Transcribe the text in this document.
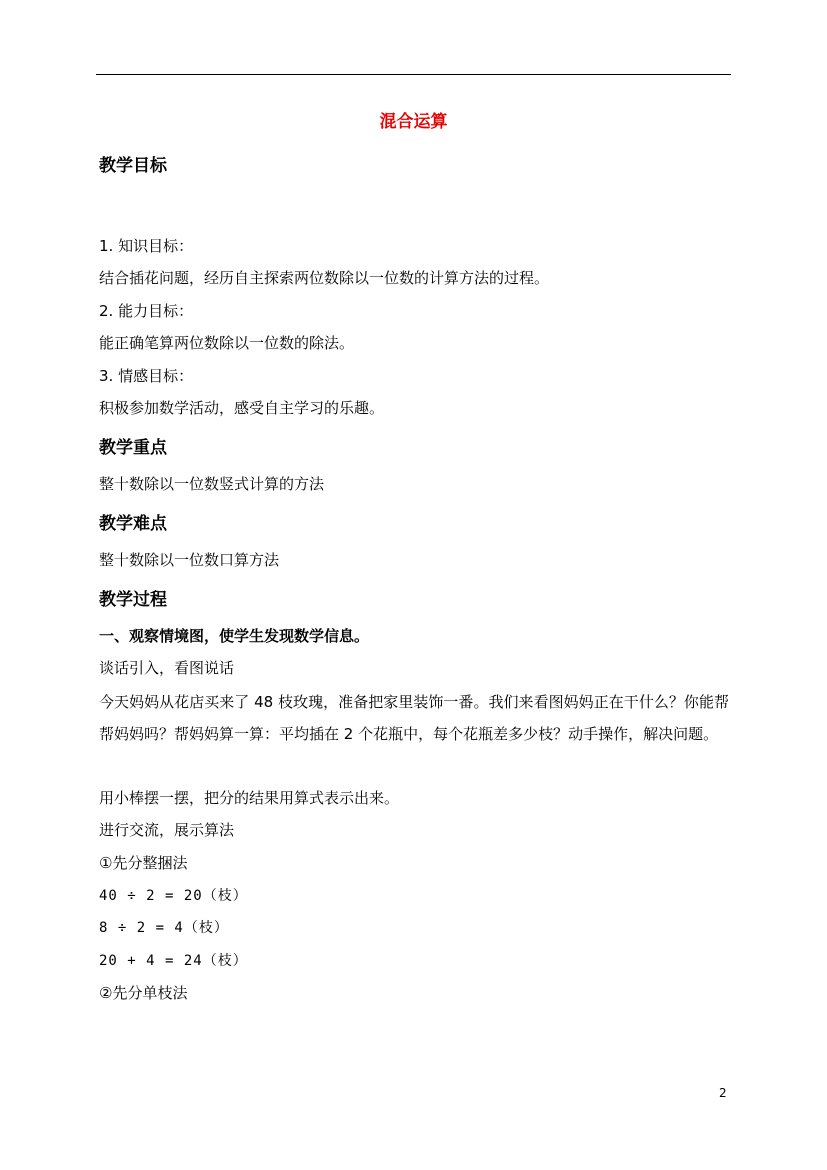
混合运算
教学目标
1. 知识目标：
结合插花问题，经历自主探索两位数除以一位数的计算方法的过程。
2. 能力目标：
能正确笔算两位数除以一位数的除法。
3. 情感目标：
积极参加数学活动，感受自主学习的乐趣。
教学重点
整十数除以一位数竖式计算的方法
教学难点
整十数除以一位数口算方法
教学过程
一、观察情境图，使学生发现数学信息。
谈话引入，看图说话
今天妈妈从花店买来了 48 枝玫瑰，准备把家里装饰一番。我们来看图妈妈正在干什么？你能帮帮妈妈吗？帮妈妈算一算：平均插在 2 个花瓶中，每个花瓶差多少枝？动手操作，解决问题。
用小棒摆一摆，把分的结果用算式表示出来。
进行交流，展示算法
①先分整捆法
40 ÷ 2 = 20（枝）
8 ÷ 2 = 4（枝）
20 + 4 = 24（枝）
②先分单枝法
2
